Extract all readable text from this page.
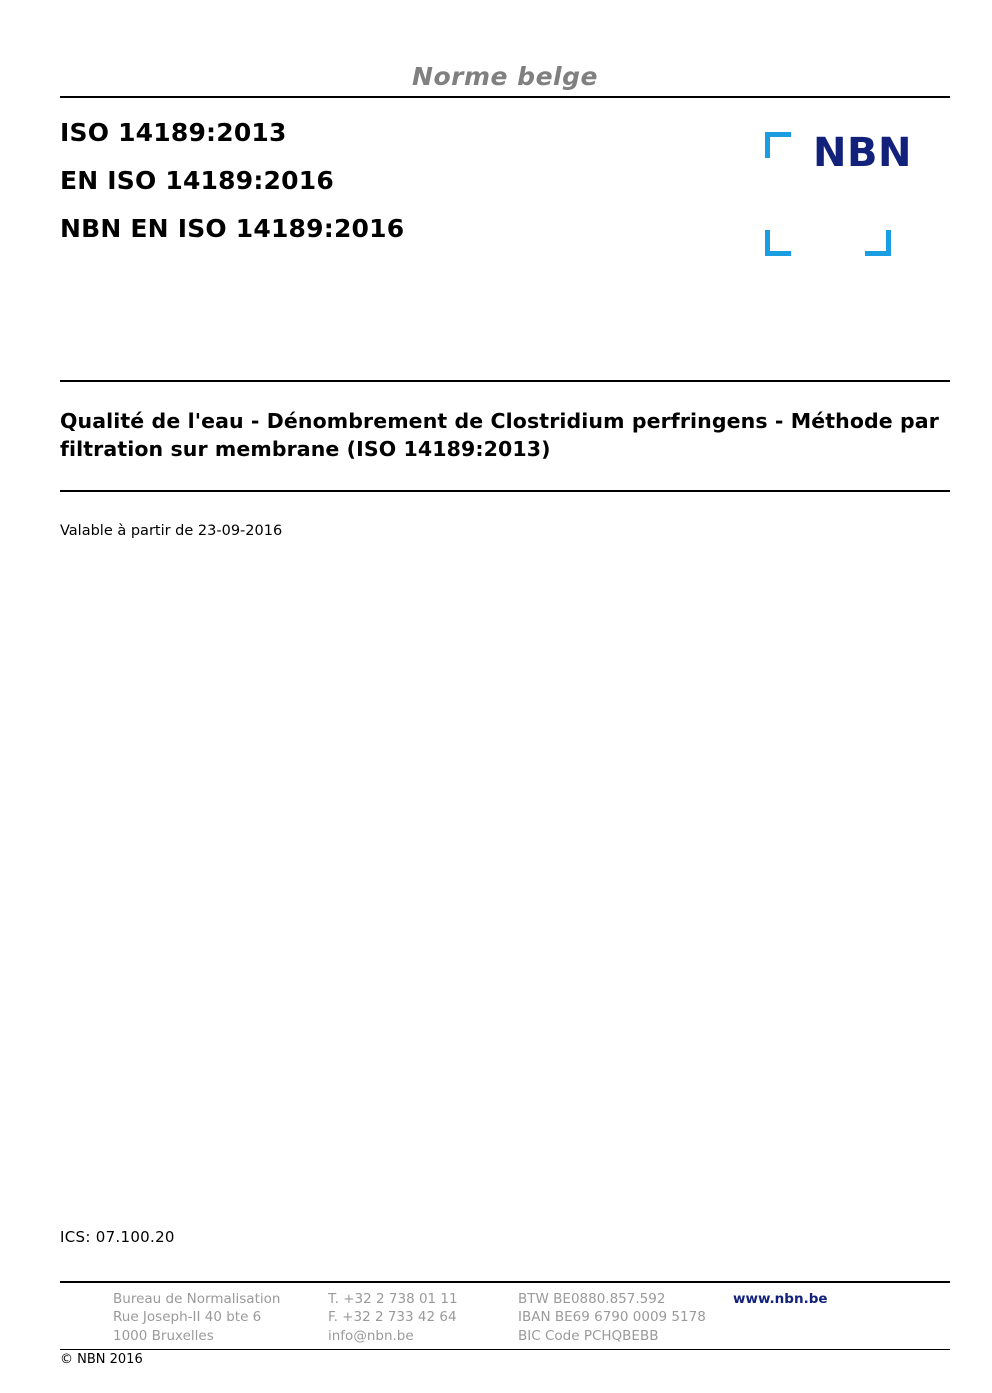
Norme belge
ISO 14189:2013
EN ISO 14189:2016
NBN EN ISO 14189:2016
NBN
Qualité de l'eau - Dénombrement de Clostridium perfringens - Méthode par filtration sur membrane (ISO 14189:2013)
Valable à partir de 23-09-2016
ICS: 07.100.20
Bureau de Normalisation
Rue Joseph-II 40 bte 6
1000 Bruxelles
T. +32 2 738 01 11
F. +32 2 733 42 64
info@nbn.be
BTW BE0880.857.592
IBAN BE69 6790 0009 5178
BIC Code PCHQBEBB
www.nbn.be
© NBN 2016
